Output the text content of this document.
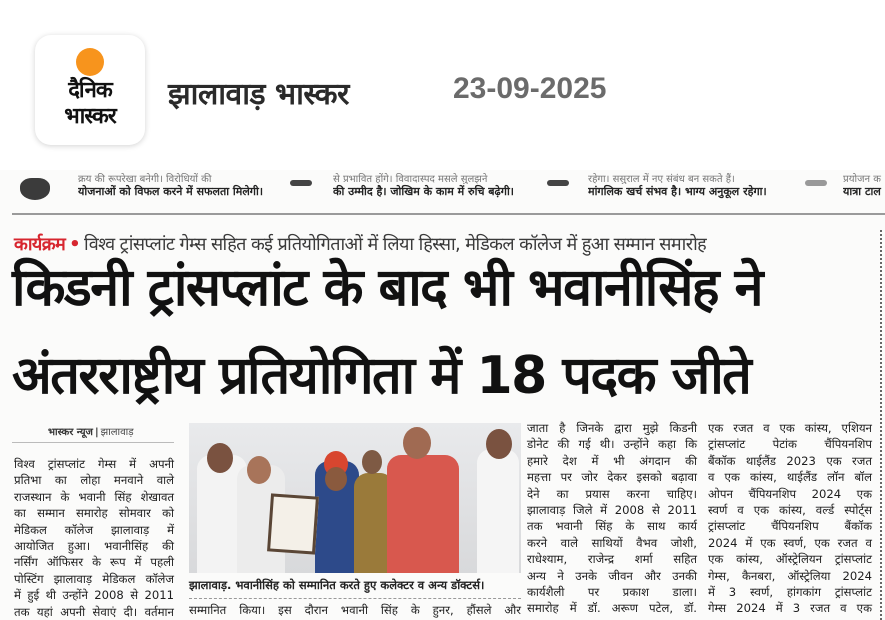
दैनिक
भास्कर
झालावाड़ भास्कर	23-09-2025
क्रय की रूपरेखा बनेगी। विरोधियों की
योजनाओं को विफल करने में सफलता मिलेगी।
से प्रभावित होंगे। विवादास्पद मसले सुलझने
की उम्मीद है। जोखिम के काम में रुचि बढ़ेगी।
रहेगा। ससुराल में नए संबंध बन सकते हैं।
मांगलिक खर्च संभव है। भाग्य अनुकूल रहेगा।
प्रयोजन क
यात्रा टाल
कार्यक्रम • विश्व ट्रांसप्लांट गेम्स सहित कई प्रतियोगिताओं में लिया हिस्सा, मेडिकल कॉलेज में हुआ सम्मान समारोह
किडनी ट्रांसप्लांट के बाद भी भवानीसिंह ने
अंतरराष्ट्रीय प्रतियोगिता में 18 पदक जीते
भास्कर न्यूज | झालावाड़

विश्व ट्रांसप्लांट गेम्स में अपनी

प्रतिभा का लोहा मनवाने वाले

राजस्थान के भवानी सिंह शेखावत

का सम्मान समारोह सोमवार को

मेडिकल कॉलेज झालावाड़ में

आयोजित हुआ। भवानीसिंह की

नर्सिंग ऑफिसर के रूप में पहली

पोस्टिंग झालावाड़ मेडिकल कॉलेज

में हुई थी उन्होंने 2008 से 2011

तक यहां अपनी सेवाएं दी। वर्तमान

झालावाड़. भवानीसिंह को सम्मानित करते हुए कलेक्टर व अन्य डॉक्टर्स।
सम्मानित किया। इस दौरान भवानी सिंह के हुनर, हौंसले और

जाता है जिनके द्वारा मुझे किडनी

डोनेट की गई थी। उन्होंने कहा कि

हमारे देश में भी अंगदान की

महत्ता पर जोर देकर इसको बढ़ावा

देने का प्रयास करना चाहिए।

झालावाड़ जिले में 2008 से 2011

तक भवानी सिंह के साथ कार्य

करने वाले साथियों वैभव जोशी,

राधेश्याम, राजेन्द्र शर्मा सहित

अन्य ने उनके जीवन और उनकी

कार्यशैली पर प्रकाश डाला।

समारोह में डॉ. अरूण पटेल, डॉ.

एक रजत व एक कांस्य, एशियन

ट्रांसप्लांट पेटांक चैंपियनशिप

बैंकॉक थाईलैंड 2023 एक रजत

व एक कांस्य, थाईलैंड लॉन बॉल

ओपन चैंपियनशिप 2024 एक

स्वर्ण व एक कांस्य, वर्ल्ड स्पोर्ट्स

ट्रांसप्लांट चैंपियनशिप बैंकॉक

2024 में एक स्वर्ण, एक रजत व

एक कांस्य, ऑस्ट्रेलियन ट्रांसप्लांट

गेम्स, कैनबरा, ऑस्ट्रेलिया 2024

में 3 स्वर्ण, हांगकांग ट्रांसप्लांट

गेम्स 2024 में 3 रजत व एक
